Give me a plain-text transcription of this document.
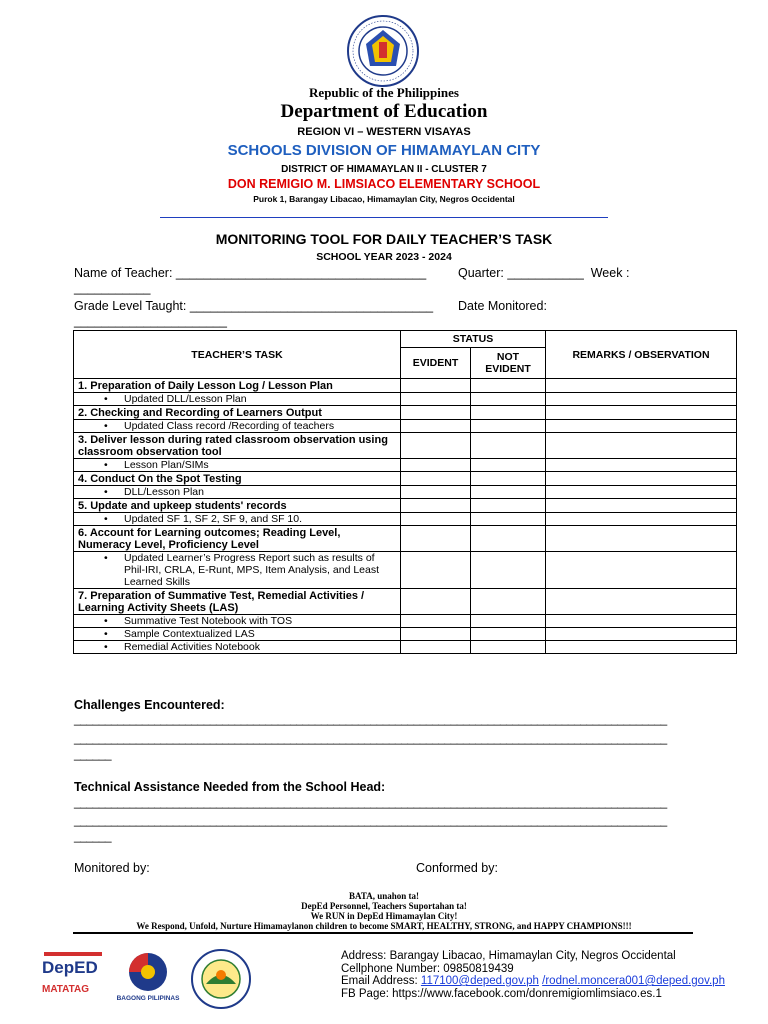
Republic of the Philippines
Department of Education
REGION VI – WESTERN VISAYAS
SCHOOLS DIVISION OF HIMAMAYLAN CITY
DISTRICT OF HIMAMAYLAN II - CLUSTER 7
DON REMIGIO M. LIMSIACO ELEMENTARY SCHOOL
Purok 1, Barangay Libacao, Himamaylan City, Negros Occidental
MONITORING TOOL FOR DAILY TEACHER’S TASK
SCHOOL YEAR 2023 - 2024
Name of Teacher: ____________________________________	Quarter: ___________  Week :
___________
Grade Level Taught: ___________________________________ Date Monitored:
______________________
TEACHER’S TASK	STATUS		REMARKS / OBSERVATION
	EVIDENT	NOT
EVIDENT	
1. Preparation of Daily Lesson Log / Lesson Plan			
• Updated DLL/Lesson Plan			
2. Checking and Recording of Learners Output			
• Updated Class record /Recording of teachers			
3. Deliver lesson during rated classroom observation using classroom observation tool			
• Lesson Plan/SIMs			
4. Conduct On the Spot Testing			
• DLL/Lesson Plan			
5. Update and upkeep students' records			
• Updated SF 1, SF 2, SF 9, and SF 10.			
6. Account for Learning outcomes; Reading Level, Numeracy Level, Proficiency Level			
• Updated Learner’s Progress Report such as results of Phil-IRI, CRLA, E-Runt, MPS, Item Analysis, and Least Learned Skills			
7. Preparation of Summative Test, Remedial Activities / Learning Activity Sheets (LAS)			
• Summative Test Notebook with TOS			
• Sample Contextualized LAS			
• Remedial Activities Notebook			
Challenges Encountered:
________________________________________________________________________________________________
________________________________________________________________________________________________
______
Technical Assistance Needed from the School Head:
________________________________________________________________________________________________
________________________________________________________________________________________________
______
Monitored by:	Conformed by:
BATA, unahon ta!
DepEd Personnel, Teachers Suportahan ta!
We RUN in DepEd Himamaylan City!
We Respond, Unfold, Nurture Himamaylanon children to become SMART, HEALTHY, STRONG, and HAPPY CHAMPIONS!!!
DepED
MATATAG
BAGONG PILIPINAS
Address: Barangay Libacao, Himamaylan City, Negros Occidental
Cellphone Number: 09850819439
Email Address: 117100@deped.gov.ph /rodnel.moncera001@deped.gov.ph
FB Page: https://www.facebook.com/donremigiomlimsiaco.es.1
